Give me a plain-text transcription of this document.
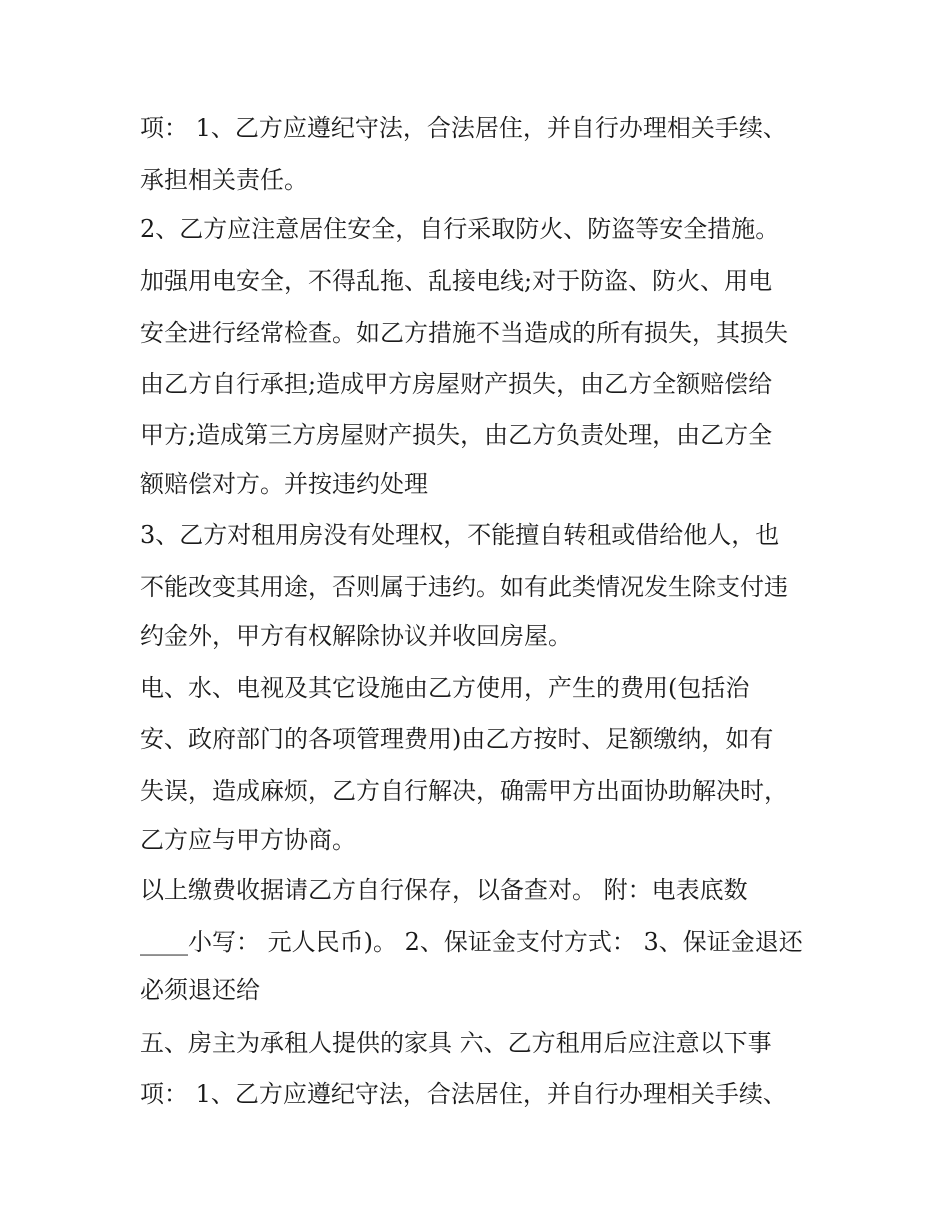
项： 1、乙方应遵纪守法，合法居住，并自行办理相关手续、
承担相关责任。
2、乙方应注意居住安全，自行采取防火、防盗等安全措施。
加强用电安全，不得乱拖、乱接电线;对于防盗、防火、用电
安全进行经常检查。如乙方措施不当造成的所有损失，其损失
由乙方自行承担;造成甲方房屋财产损失，由乙方全额赔偿给
甲方;造成第三方房屋财产损失，由乙方负责处理，由乙方全
额赔偿对方。并按违约处理
3、乙方对租用房没有处理权，不能擅自转租或借给他人，也
不能改变其用途，否则属于违约。如有此类情况发生除支付违
约金外，甲方有权解除协议并收回房屋。
电、水、电视及其它设施由乙方使用，产生的费用(包括治
安、政府部门的各项管理费用)由乙方按时、足额缴纳，如有
失误，造成麻烦，乙方自行解决，确需甲方出面协助解决时，
乙方应与甲方协商。
以上缴费收据请乙方自行保存，以备查对。 附：电表底数
____小写： 元人民币)。 2、保证金支付方式： 3、保证金退还
必须退还给
五、房主为承租人提供的家具 六、乙方租用后应注意以下事
项： 1、乙方应遵纪守法，合法居住，并自行办理相关手续、
